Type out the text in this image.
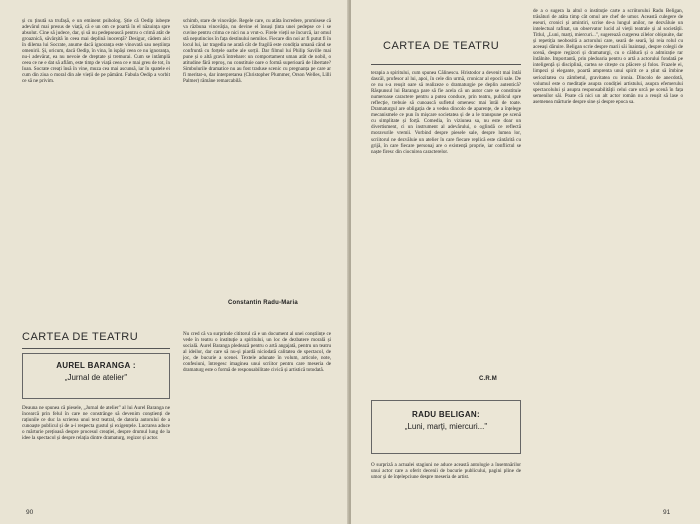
și cu ținută sa trufașă, e un eminent psiholog. Știe că Oedip iubește adevărul mai presus de viață, că e un om ce poartă în el năzuința spre absolut. Cine să judece, dar, și să nu pedepsească pentru o crimă atât de groaznică, săvârșită în ceea mai deplină inocență? Desigur, cădem aici în dilema lui Socrate, anume dacă ignoranța este vinovată sau neștiința omenirii. Și, oricum, dacă Oedip, în vina, în ispăși ceea ce nu ignoranța, nu-i adevărat, ea nu nevoie de dreptate și tremurai. Cum se intâmplă ceea ce ne e dat să aflăm, este timp de viață ceea ce e mai greu de tot, în Ioan. Socrate creați însă în vine, muza cea mai ascunsă, iar în spatele ei cum din ziua o moral din ale vieții de pe pământ. Fabula Oedip a vorbit ce să ne privim.
schimb, stare de vinovăție. Regele care, cu atâta încredere, promisese că va răzbuna vinovăția, nu devine el însuși ținta unei pedepse ce i se cuvine pentru crima ce nici nu a vrut-o. Firele vieții se încurcă, iar omul stă neputincios în fața destinului nemilos. Fiecare din noi ar fi putut fi în locul lui, iar tragedia ne arată cât de fragilă este condiția umană când se confruntă cu forțele oarbe ale sorții. Dar filmul lui Philip Saville mai pune și o altă gravă întrebare: un comportament uman atât de nobil, o atitudine fără reproș, nu constituie oare o formă superioară de libertate? Simbolurile dramatice nu au fost traduse scenic cu pregnanța pe care ar fi meritat-o, dar interpretarea (Christopher Plummer, Orson Welles, Lilli Palmer) rămâne remarcabilă.
Constantin Radu-Maria
CARTEA DE TEATRU
AUREL BARANGA :
„Jurnal de atelier"
Deauna ne spunea că piesele, „Jurnal de atelier" al lui Aurel Baranga ne încearcă prin felul în care ne constrânge să devenim conștienți de rațiunile ce duc la scrierea unui text teatral, de datoria autorului de a cunoaște publicul și de a-i respecta gustul și exigențele. Lucrarea aduce o mărturie prețioasă despre procesul creației, despre drumul lung de la idee la spectacol și despre relația dintre dramaturg, regizor și actor.
Nu cred că va surprinde cititorul că e un document al unei conștiințe ce vede în teatru o instituție a spiritului, un loc de dezbatere morală și socială. Aurel Baranga pledează pentru o artă angajată, pentru un teatru al ideilor, dar care să nu-și piardă niciodată calitatea de spectacol, de joc, de bucurie a scenei. Textele adunate în volum, articole, note, confesiuni, întregesc imaginea unui scriitor pentru care meseria de dramaturg este o formă de responsabilitate civică și artistică totodată.
90
CARTEA DE TEATRU
terapia a spiritului, cum spunea Călinescu. Hristodor a devenit mai întâi dascăl, profesor al lui, apoi, în cele din urmă, cronicar al epocii sale. De ce nu s-a reușit oare să realizeze o dramaturgie pe deplin autentică? Răspunsul lui Baranga pare să fie acela că un autor care se constituie numeroase caractere pentru a putea conduce, prin teatru, publicul spre reflecție, trebuie să cunoască sufletul omenesc mai întâi de toate. Dramaturgul are obligația de a vedea dincolo de aparențe, de a înțelege mecanismele ce pun în mișcare societatea și de a le transpune pe scenă cu simplitate și forță. Comedia, în viziunea sa, nu este doar un divertisment, ci un instrument al adevărului, o oglindă ce reflectă moravurile vremii. Vorbind despre piesele sale, despre lumea lor, scriitorul ne dezvăluie un atelier în care fiecare replică este cântărită cu grijă, în care fiecare personaj are o existență proprie, iar conflictul se naște firesc din ciocnirea caracterelor.
C.R.M
RADU BELIGAN:
„Luni, marți, miercuri..."
O surpriză a actualei stagiuni ne aduce această antologie a însemnărilor unui actor care a oferit decenii de bucurie publicului, pagini pline de umor și de înțelepciune despre meseria de artist.
de a o sugera la altul o instituție carte a scriitorului Radu Beligan, trăsături de atâta timp cât omul are chef de umor. Această culegere de eseuri, cronici și amintiri, scrise de-a lungul anilor, ne dezvăluie un intelectual rafinat, un observator lucid al vieții teatrale și al societății. Titlul, „Luni, marți, miercuri...", sugerează curgerea zilelor obișnuite, dar și repetiția neobosită a actorului care, seară de seară, își reia rolul cu aceeași dăruire. Beligan scrie despre marii săi înaintași, despre colegii de scenă, despre regizori și dramaturgi, cu o căldură și o admirație rar întâlnite. Importantă, prin pledoaria pentru o artă a actorului fondată pe inteligență și disciplină, cartea se citește cu plăcere și folos. Frazele ei, limpezi și elegante, poartă amprenta unui spirit ce a știut să îmbine seriozitatea cu zâmbetul, gravitatea cu ironia. Dincolo de anecdotă, volumul este o meditație asupra condiției artistului, asupra efemerului spectacolului și asupra responsabilității celui care urcă pe scenă în fața semenilor săi. Poate că nici un alt actor român nu a reușit să lase o asemenea mărturie despre sine și despre epoca sa.
91
